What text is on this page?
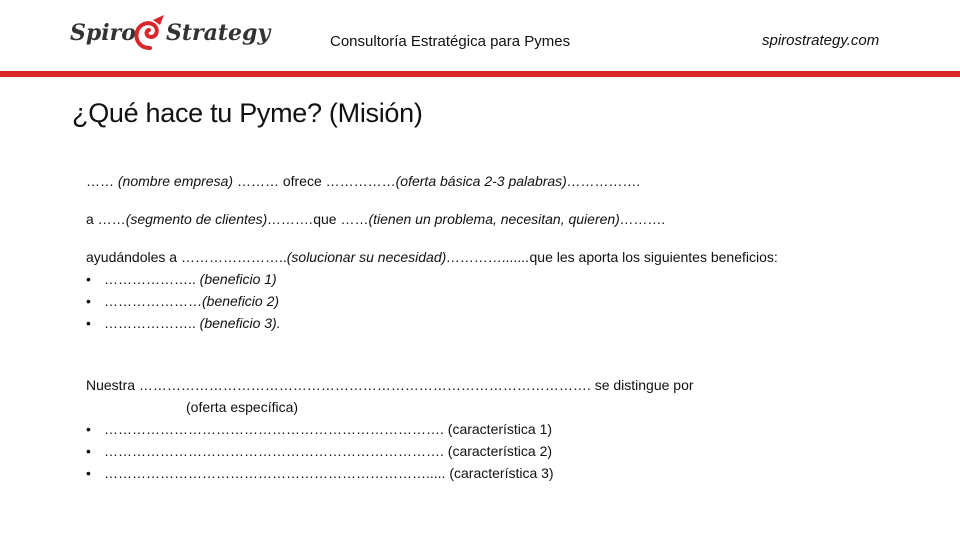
Spiro Strategy	Consultoría Estratégica para Pymes	spirostrategy.com
¿Qué hace tu Pyme? (Misión)
…… (nombre empresa) ……… ofrece ……………(oferta básica 2-3 palabras)…………….
a ……(segmento de clientes)……….que ……(tienen un problema, necesitan, quieren)……….
ayudándoles a …………………..(solucionar su necesidad)………….......que les aporta los siguientes beneficios:
• ……………….. (beneficio 1)
• …………………(beneficio 2)
• ……………….. (beneficio 3).
Nuestra ……………………………………………………………………………………. se distingue por
(oferta específica)
• ………………………………………………………………. (característica 1)
• ………………………………………………………………. (característica 2)
• ……………………………………………………………..... (característica 3)
